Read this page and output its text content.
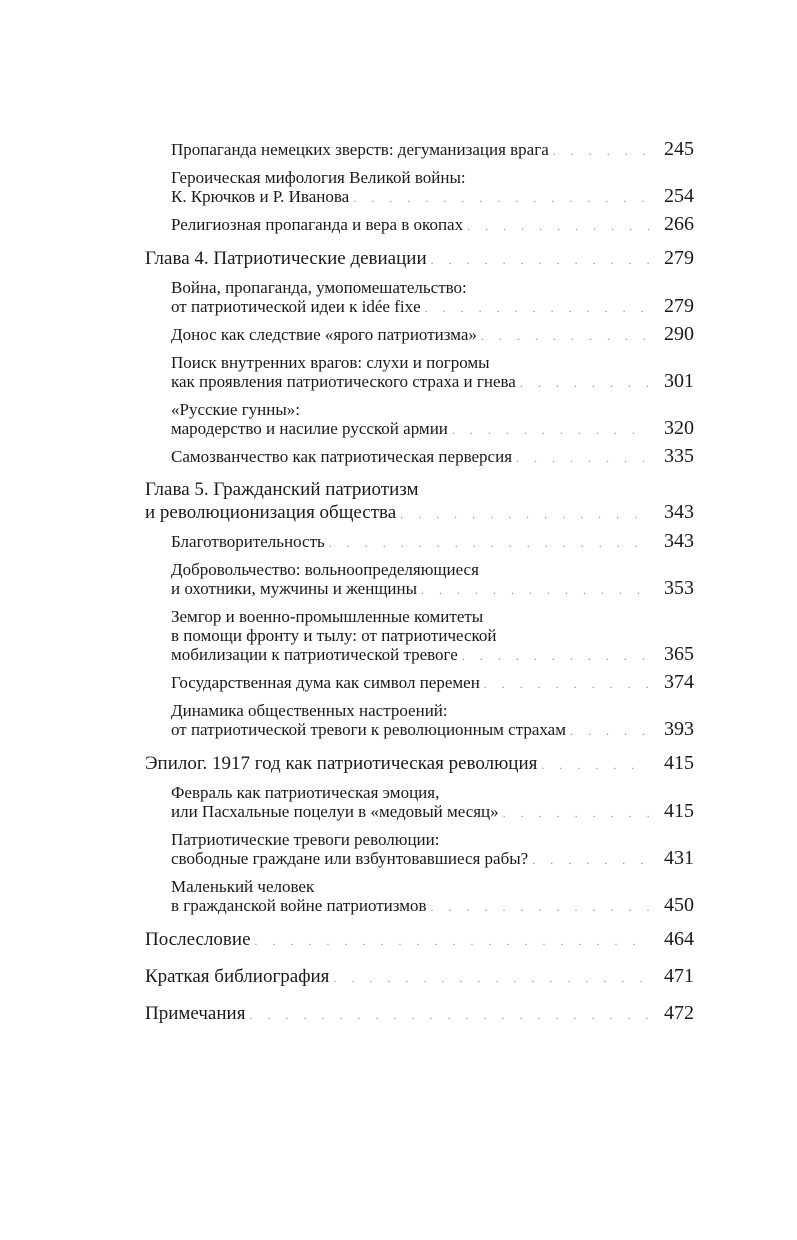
Пропаганда немецких зверств: дегуманизация врага . . .	245
Героическая мифология Великой войны:
К. Крючков и Р. Иванова . . .	254
Религиозная пропаганда и вера в окопах . . .	266
Глава 4. Патриотические девиации . . .	279
Война, пропаганда, умопомешательство:
от патриотической идеи к idée fixe . . .	279
Донос как следствие «ярого патриотизма» . . .	290
Поиск внутренних врагов: слухи и погромы
как проявления патриотического страха и гнева . . .	301
«Русские гунны»:
мародерство и насилие русской армии . . .	320
Самозванчество как патриотическая перверсия . . .	335
Глава 5. Гражданский патриотизм
и революционизация общества . . .	343
Благотворительность . . .	343
Добровольчество: вольноопределяющиеся
и охотники, мужчины и женщины . . .	353
Земгор и военно-промышленные комитеты
в помощи фронту и тылу: от патриотической
мобилизации к патриотической тревоге . . .	365
Государственная дума как символ перемен . . .	374
Динамика общественных настроений:
от патриотической тревоги к революционным страхам . . .	393
Эпилог. 1917 год как патриотическая революция . . .	415
Февраль как патриотическая эмоция,
или Пасхальные поцелуи в «медовый месяц» . . .	415
Патриотические тревоги революции:
свободные граждане или взбунтовавшиеся рабы? . . .	431
Маленький человек
в гражданской войне патриотизмов . . .	450
Послесловие . . .	464
Краткая библиография . . .	471
Примечания . . .	472
